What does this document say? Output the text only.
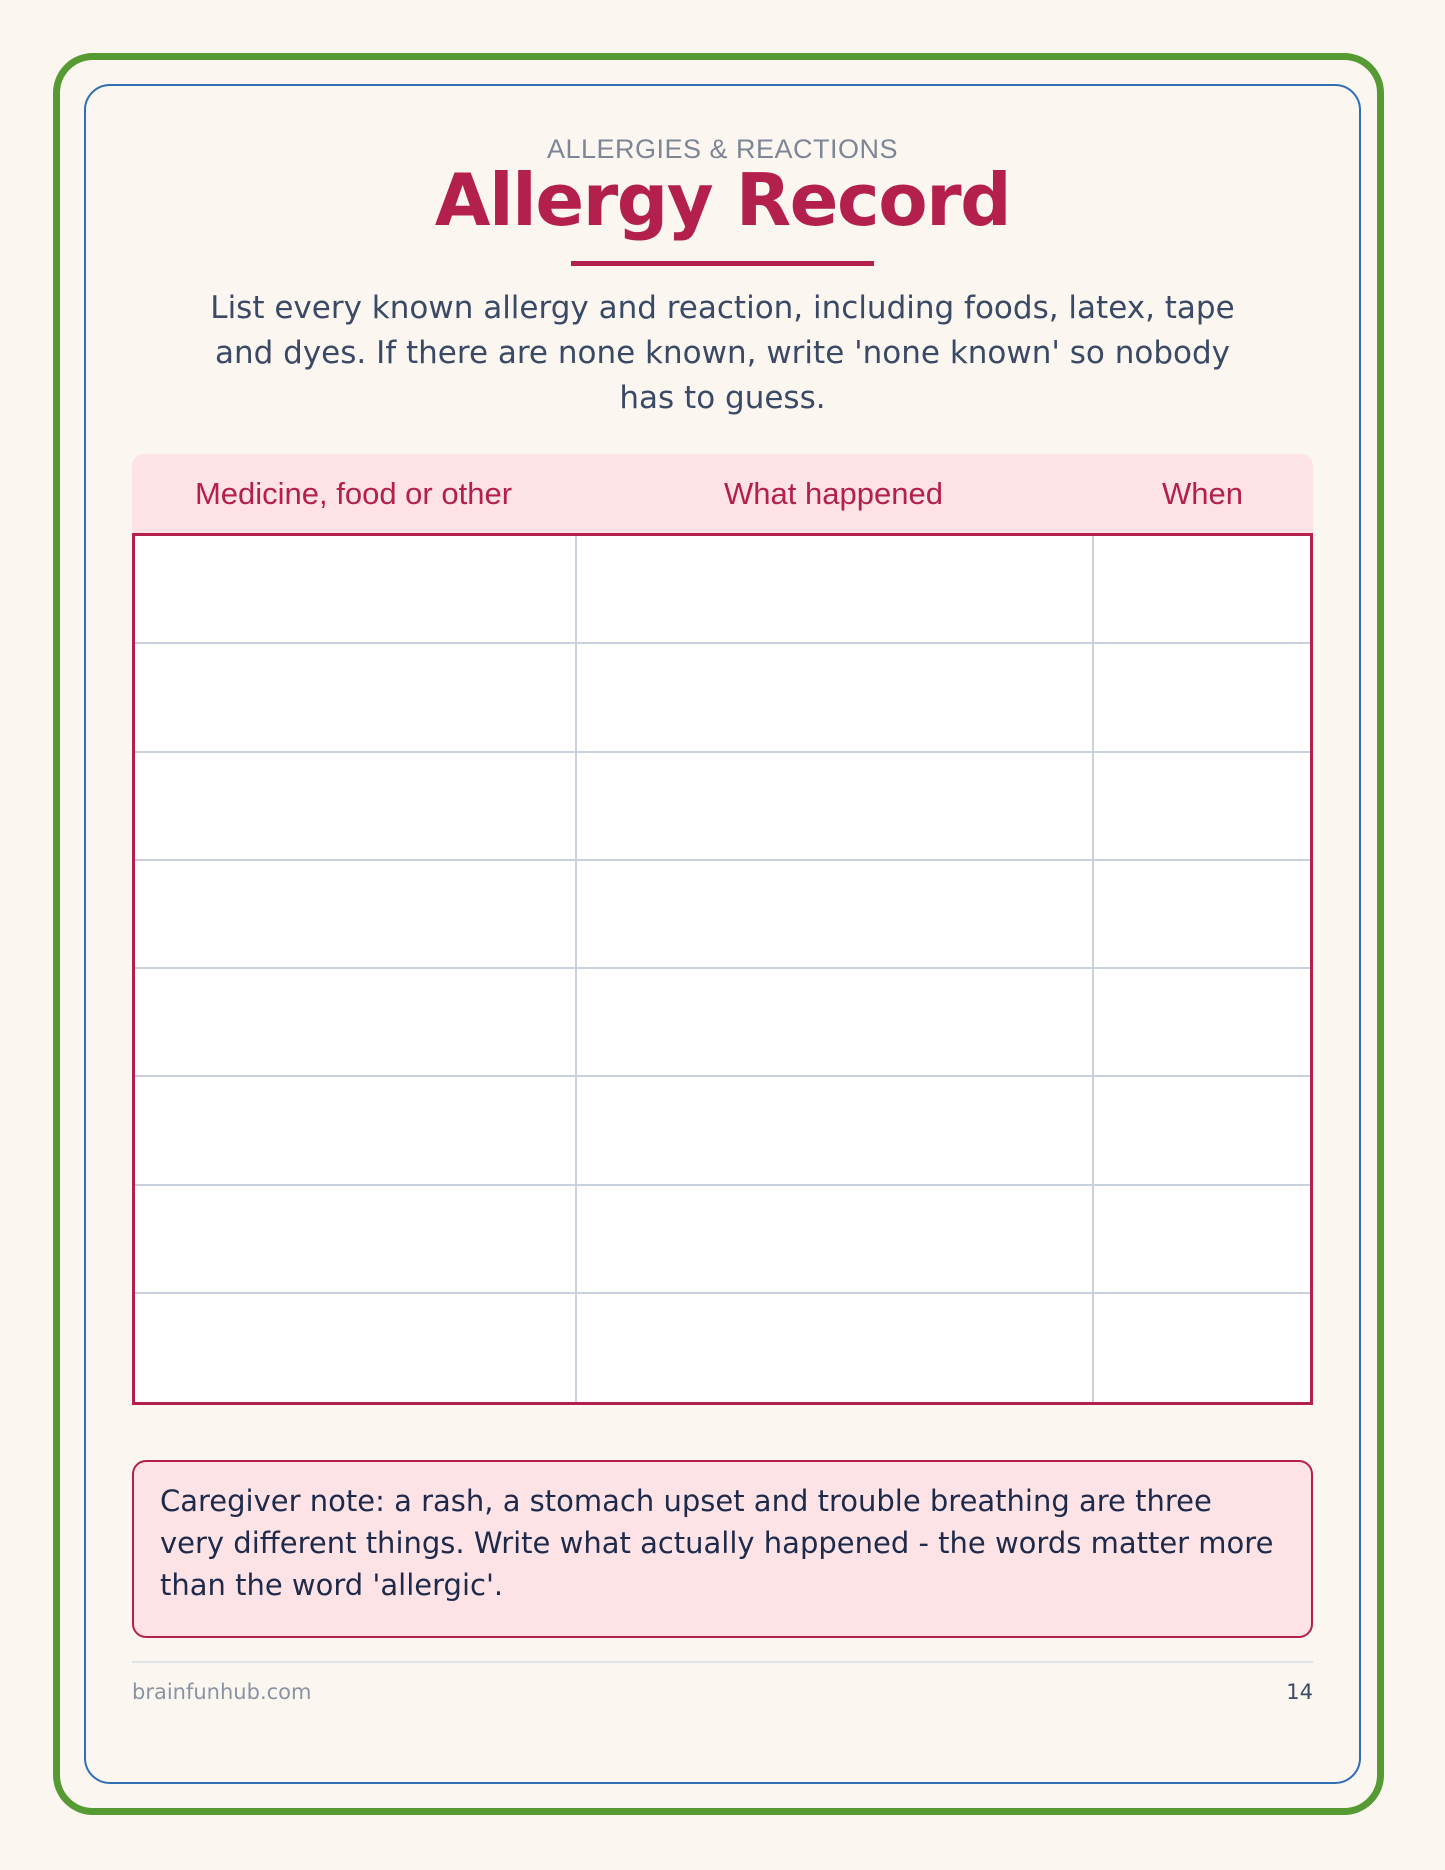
ALLERGIES & REACTIONS
Allergy Record
List every known allergy and reaction, including foods, latex, tape and dyes. If there are none known, write 'none known' so nobody has to guess.
Medicine, food or other	What happened	When
Caregiver note: a rash, a stomach upset and trouble breathing are three very different things. Write what actually happened - the words matter more than the word 'allergic'.
brainfunhub.com	14
